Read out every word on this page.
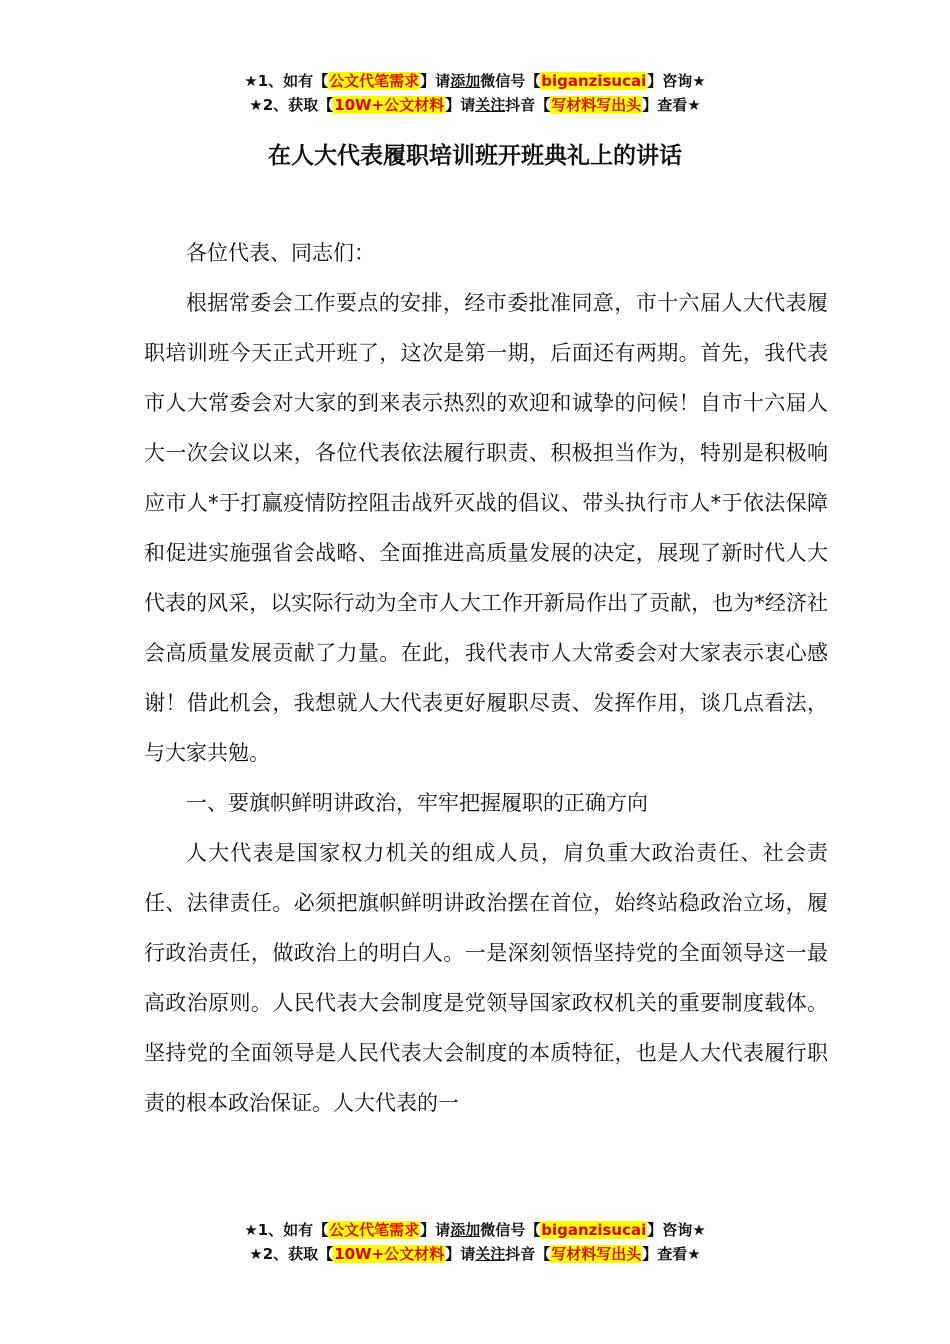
★1、如有【公文代笔需求】请添加微信号【biganzisucai】咨询★
★2、获取【10W+公文材料】请关注抖音【写材料写出头】查看★
在人大代表履职培训班开班典礼上的讲话

各位代表、同志们：

根据常委会工作要点的安排，经市委批准同意，市十六届人大代表履职培训班今天正式开班了，这次是第一期，后面还有两期。首先，我代表市人大常委会对大家的到来表示热烈的欢迎和诚挚的问候！自市十六届人大一次会议以来，各位代表依法履行职责、积极担当作为，特别是积极响应市人*于打赢疫情防控阻击战歼灭战的倡议、带头执行市人*于依法保障和促进实施强省会战略、全面推进高质量发展的决定，展现了新时代人大代表的风采，以实际行动为全市人大工作开新局作出了贡献，也为*经济社会高质量发展贡献了力量。在此，我代表市人大常委会对大家表示衷心感谢！借此机会，我想就人大代表更好履职尽责、发挥作用，谈几点看法，与大家共勉。

一、要旗帜鲜明讲政治，牢牢把握履职的正确方向

人大代表是国家权力机关的组成人员，肩负重大政治责任、社会责任、法律责任。必须把旗帜鲜明讲政治摆在首位，始终站稳政治立场，履行政治责任，做政治上的明白人。一是深刻领悟坚持党的全面领导这一最高政治原则。人民代表大会制度是党领导国家政权机关的重要制度载体。坚持党的全面领导是人民代表大会制度的本质特征，也是人大代表履行职责的根本政治保证。人大代表的一

★1、如有【公文代笔需求】请添加微信号【biganzisucai】咨询★
★2、获取【10W+公文材料】请关注抖音【写材料写出头】查看★
